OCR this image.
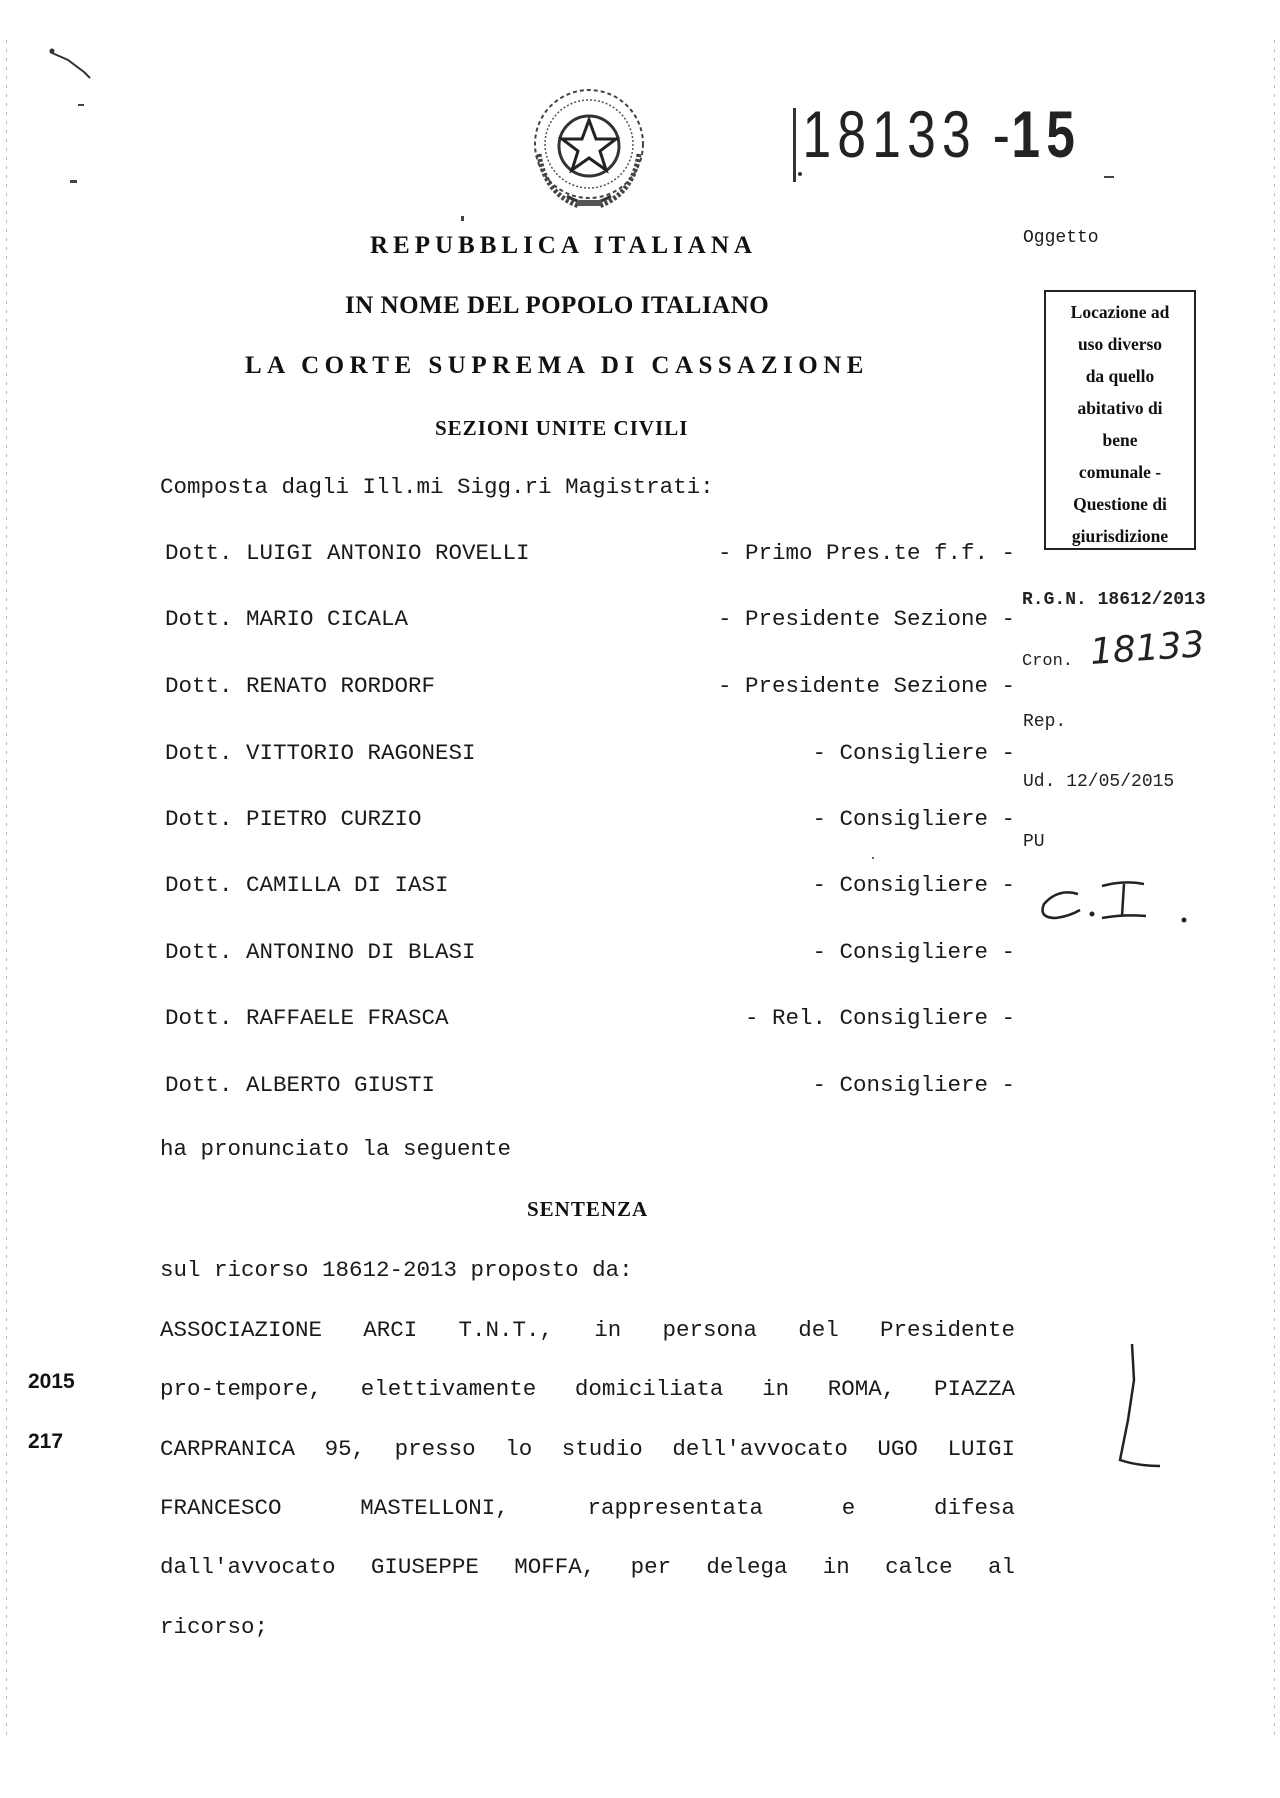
18133 -15
REPUBBLICA ITALIANA
IN NOME DEL POPOLO ITALIANO
LA CORTE SUPREMA DI CASSAZIONE
SEZIONI UNITE CIVILI
Composta dagli Ill.mi Sigg.ri Magistrati:
Dott. LUIGI ANTONIO ROVELLI	- Primo Pres.te f.f. -
Dott. MARIO CICALA	- Presidente Sezione -
Dott. RENATO RORDORF	- Presidente Sezione -
Dott. VITTORIO RAGONESI	- Consigliere -
Dott. PIETRO CURZIO	- Consigliere -
Dott. CAMILLA DI IASI	- Consigliere -
Dott. ANTONINO DI BLASI	- Consigliere -
Dott. RAFFAELE FRASCA	- Rel. Consigliere -
Dott. ALBERTO GIUSTI	- Consigliere -
Oggetto
Locazione ad
uso diverso
da quello
abitativo di
bene
comunale -
Questione di
giurisdizione
R.G.N. 18612/2013
Cron. 18133
Rep.
Ud. 12/05/2015
PU
ha pronunciato la seguente
SENTENZA
sul ricorso 18612-2013 proposto da:
ASSOCIAZIONE ARCI T.N.T., in persona del Presidente
pro-tempore, elettivamente domiciliata in ROMA, PIAZZA
CARPRANICA 95, presso lo studio dell'avvocato UGO LUIGI
FRANCESCO MASTELLONI, rappresentata e difesa
dall'avvocato GIUSEPPE MOFFA, per delega in calce al
ricorso;
2015
217
